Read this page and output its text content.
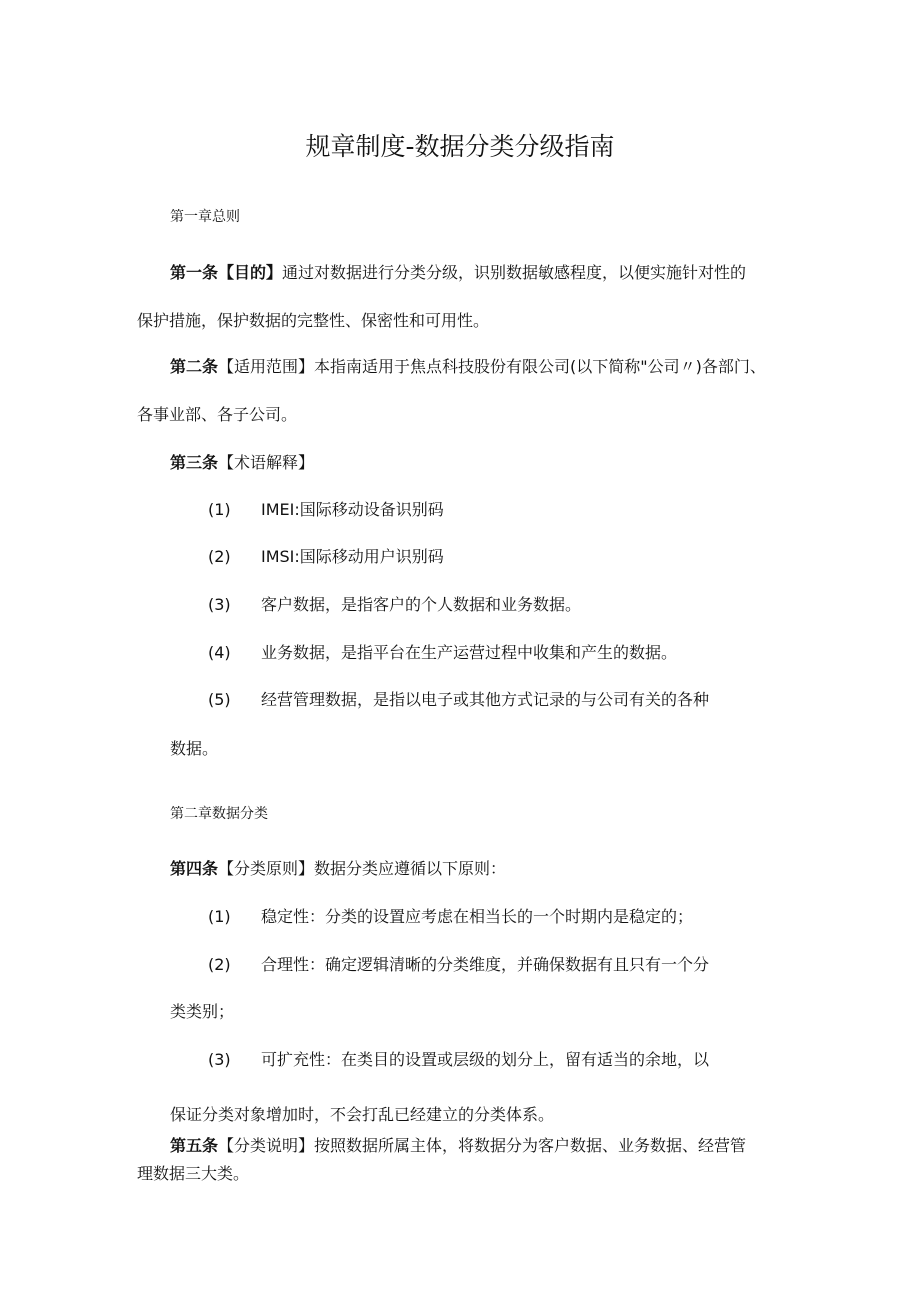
规章制度-数据分类分级指南
第一章总则
第一条【目的】通过对数据进行分类分级，识别数据敏感程度，以便实施针对性的
保护措施，保护数据的完整性、保密性和可用性。
第二条【适用范围】本指南适用于焦点科技股份有限公司(以下简称"公司〃)各部门、
各事业部、各子公司。
第三条【术语解释】
(1) IMEI:国际移动设备识别码
(2) IMSI:国际移动用户识别码
(3) 客户数据，是指客户的个人数据和业务数据。
(4) 业务数据，是指平台在生产运营过程中收集和产生的数据。
(5) 经营管理数据，是指以电子或其他方式记录的与公司有关的各种
数据。
第二章数据分类
第四条【分类原则】数据分类应遵循以下原则：
(1) 稳定性：分类的设置应考虑在相当长的一个时期内是稳定的；
(2) 合理性：确定逻辑清晰的分类维度，并确保数据有且只有一个分
类类别；
(3) 可扩充性：在类目的设置或层级的划分上，留有适当的余地，以
保证分类对象增加时，不会打乱已经建立的分类体系。
第五条【分类说明】按照数据所属主体，将数据分为客户数据、业务数据、经营管
理数据三大类。
